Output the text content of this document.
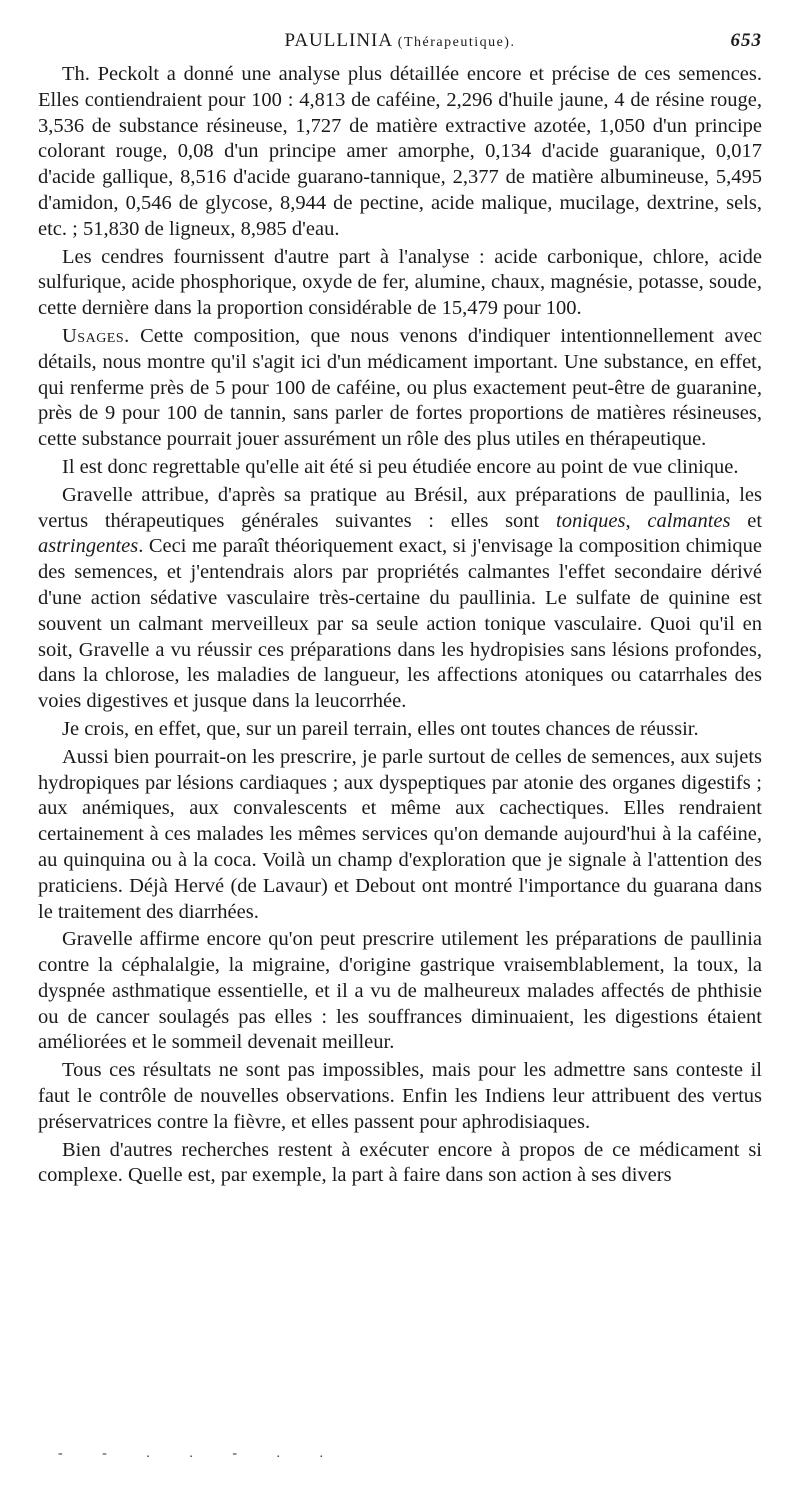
PAULLINIA (Thérapeutique).	653

Th. Peckolt a donné une analyse plus détaillée encore et précise de ces semences. Elles contiendraient pour 100 : 4,813 de caféine, 2,296 d'huile jaune, 4 de résine rouge, 3,536 de substance résineuse, 1,727 de matière extractive azotée, 1,050 d'un principe colorant rouge, 0,08 d'un principe amer amorphe, 0,134 d'acide guaranique, 0,017 d'acide gallique, 8,516 d'acide guarano-tannique, 2,377 de matière albumineuse, 5,495 d'amidon, 0,546 de glycose, 8,944 de pectine, acide malique, mucilage, dextrine, sels, etc. ; 51,830 de ligneux, 8,985 d'eau.

Les cendres fournissent d'autre part à l'analyse : acide carbonique, chlore, acide sulfurique, acide phosphorique, oxyde de fer, alumine, chaux, magnésie, potasse, soude, cette dernière dans la proportion considérable de 15,479 pour 100.

Usages. Cette composition, que nous venons d'indiquer intentionnellement avec détails, nous montre qu'il s'agit ici d'un médicament important. Une substance, en effet, qui renferme près de 5 pour 100 de caféine, ou plus exactement peut-être de guaranine, près de 9 pour 100 de tannin, sans parler de fortes proportions de matières résineuses, cette substance pourrait jouer assurément un rôle des plus utiles en thérapeutique.

Il est donc regrettable qu'elle ait été si peu étudiée encore au point de vue clinique.

Gravelle attribue, d'après sa pratique au Brésil, aux préparations de paullinia, les vertus thérapeutiques générales suivantes : elles sont toniques, calmantes et astringentes. Ceci me paraît théoriquement exact, si j'envisage la composition chimique des semences, et j'entendrais alors par propriétés calmantes l'effet secondaire dérivé d'une action sédative vasculaire très-certaine du paullinia. Le sulfate de quinine est souvent un calmant merveilleux par sa seule action tonique vasculaire. Quoi qu'il en soit, Gravelle a vu réussir ces préparations dans les hydropisies sans lésions profondes, dans la chlorose, les maladies de langueur, les affections atoniques ou catarrhales des voies digestives et jusque dans la leucorrhée.

Je crois, en effet, que, sur un pareil terrain, elles ont toutes chances de réussir.

Aussi bien pourrait-on les prescrire, je parle surtout de celles de semences, aux sujets hydropiques par lésions cardiaques ; aux dyspeptiques par atonie des organes digestifs ; aux anémiques, aux convalescents et même aux cachectiques. Elles rendraient certainement à ces malades les mêmes services qu'on demande aujourd'hui à la caféine, au quinquina ou à la coca. Voilà un champ d'exploration que je signale à l'attention des praticiens. Déjà Hervé (de Lavaur) et Debout ont montré l'importance du guarana dans le traitement des diarrhées.

Gravelle affirme encore qu'on peut prescrire utilement les préparations de paullinia contre la céphalalgie, la migraine, d'origine gastrique vraisemblablement, la toux, la dyspnée asthmatique essentielle, et il a vu de malheureux malades affectés de phthisie ou de cancer soulagés pas elles : les souffrances diminuaient, les digestions étaient améliorées et le sommeil devenait meilleur.

Tous ces résultats ne sont pas impossibles, mais pour les admettre sans conteste il faut le contrôle de nouvelles observations. Enfin les Indiens leur attribuent des vertus préservatrices contre la fièvre, et elles passent pour aphrodisiaques.

Bien d'autres recherches restent à exécuter encore à propos de ce médicament si complexe. Quelle est, par exemple, la part à faire dans son action à ses divers

- - . . - . .
